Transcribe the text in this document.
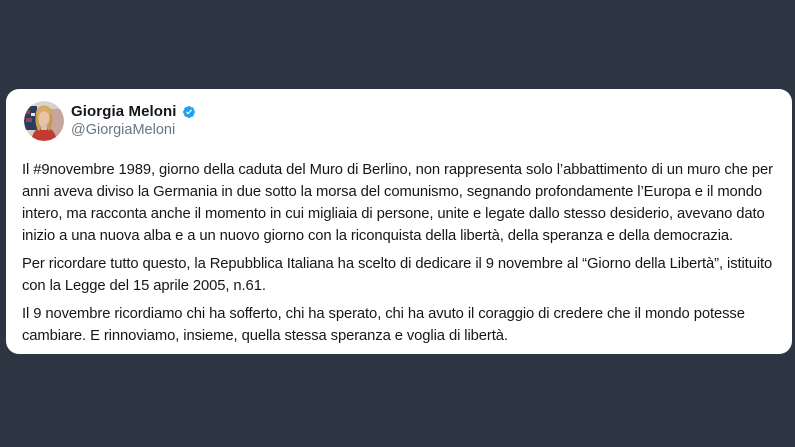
Giorgia Meloni
@GiorgiaMeloni

Il #9novembre 1989, giorno della caduta del Muro di Berlino, non rappresenta solo l’abbattimento di un muro che per anni aveva diviso la Germania in due sotto la morsa del comunismo, segnando profondamente l’Europa e il mondo intero, ma racconta anche il momento in cui migliaia di persone, unite e legate dallo stesso desiderio, avevano dato inizio a una nuova alba e a un nuovo giorno con la riconquista della libertà, della speranza e della democrazia.

Per ricordare tutto questo, la Repubblica Italiana ha scelto di dedicare il 9 novembre al “Giorno della Libertà”, istituito con la Legge del 15 aprile 2005, n.61.

Il 9 novembre ricordiamo chi ha sofferto, chi ha sperato, chi ha avuto il coraggio di credere che il mondo potesse cambiare. E rinnoviamo, insieme, quella stessa speranza e voglia di libertà.
